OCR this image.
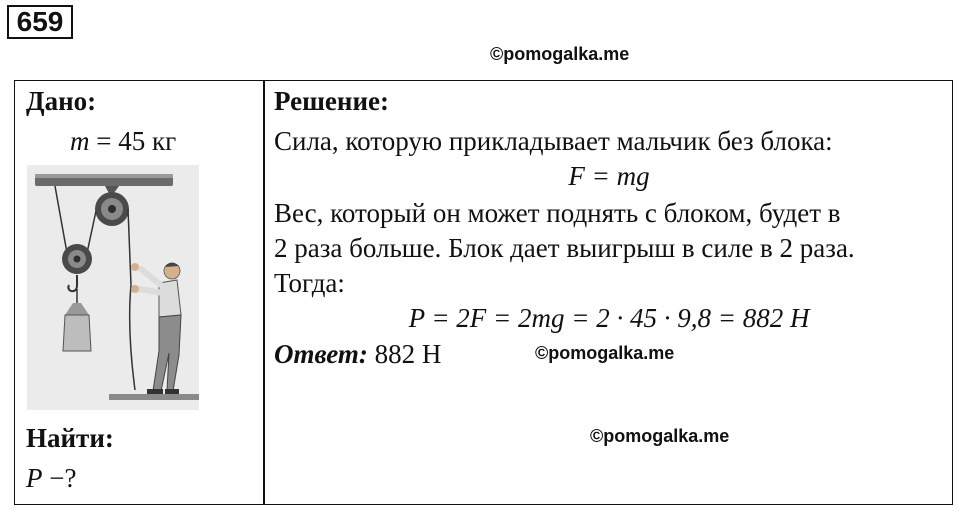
659
©pomogalka.me
Дано:
m = 45 кг
Найти:
P −?
Решение:
Сила, которую прикладывает мальчик без блока:
F = mg
Вес, который он может поднять с блоком, будет в
2 раза больше. Блок дает выигрыш в силе в 2 раза.
Тогда:
P = 2F = 2mg = 2 · 45 · 9,8 = 882 Н
Ответ: 882 Н	©pomogalka.me
©pomogalka.me
